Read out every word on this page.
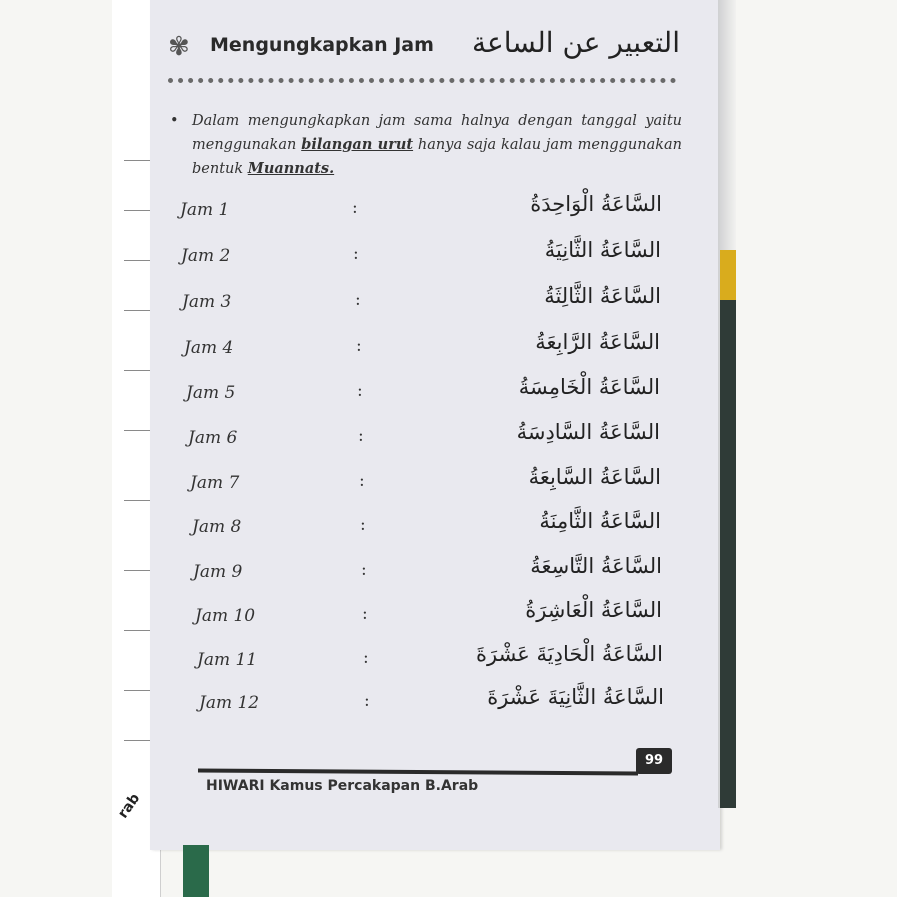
rab
✾	Mengungkapkan Jam التعبير عن الساعة
• Dalam mengungkapkan jam sama halnya dengan tanggal yaitu menggunakan bilangan urut hanya saja kalau jam menggunakan bentuk Muannats.

Jam 1	:	السَّاعَةُ الْوَاحِدَةُ
Jam 2	:	السَّاعَةُ الثَّانِيَةُ
Jam 3	:	السَّاعَةُ الثَّالِثَةُ
Jam 4	:	السَّاعَةُ الرَّابِعَةُ
Jam 5	:	السَّاعَةُ الْخَامِسَةُ
Jam 6	:	السَّاعَةُ السَّادِسَةُ
Jam 7	:	السَّاعَةُ السَّابِعَةُ
Jam 8	:	السَّاعَةُ الثَّامِنَةُ
Jam 9	:	السَّاعَةُ التَّاسِعَةُ
Jam 10	:	السَّاعَةُ الْعَاشِرَةُ
Jam 11	:	السَّاعَةُ الْحَادِيَةَ عَشْرَةَ
Jam 12	:	السَّاعَةُ الثَّانِيَةَ عَشْرَةَ
99
HIWARI Kamus Percakapan B.Arab
